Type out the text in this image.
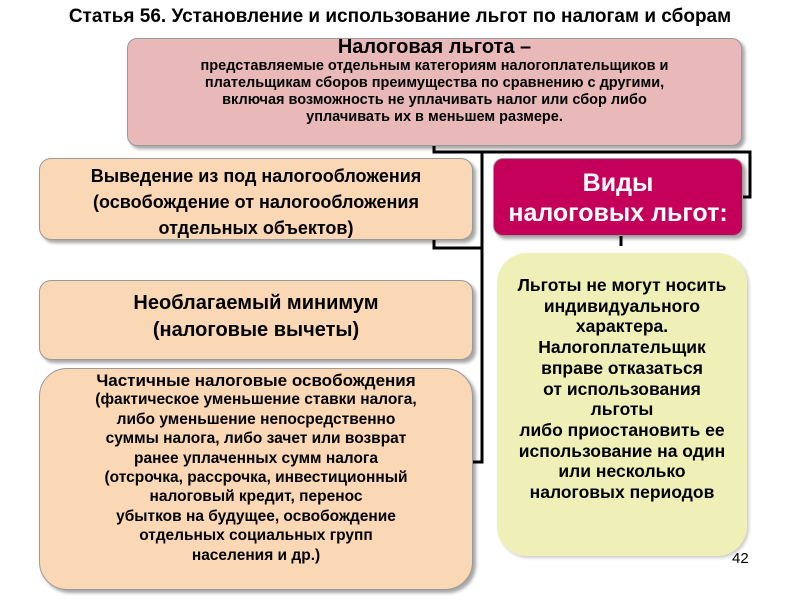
Статья 56. Установление и использование льгот по налогам и сборам
Налоговая льгота –
представляемые отдельным категориям налогоплательщиков и
плательщикам сборов преимущества по сравнению с другими,
включая возможность не уплачивать налог или сбор либо
уплачивать их в меньшем размере.
Выведение из под налогообложения
(освобождение от налогообложения
отдельных объектов)
Виды
налоговых льгот:
Необлагаемый минимум
(налоговые вычеты)
Частичные налоговые освобождения
(фактическое уменьшение ставки налога,
либо уменьшение непосредственно
суммы налога, либо зачет или возврат
ранее уплаченных сумм налога
(отсрочка, рассрочка, инвестиционный
налоговый кредит, перенос
убытков на будущее, освобождение
отдельных социальных групп
населения и др.)
Льготы не могут носить
индивидуального
характера.
Налогоплательщик
вправе отказаться
от использования
льготы
либо приостановить ее
использование на один
или несколько
налоговых периодов
42
